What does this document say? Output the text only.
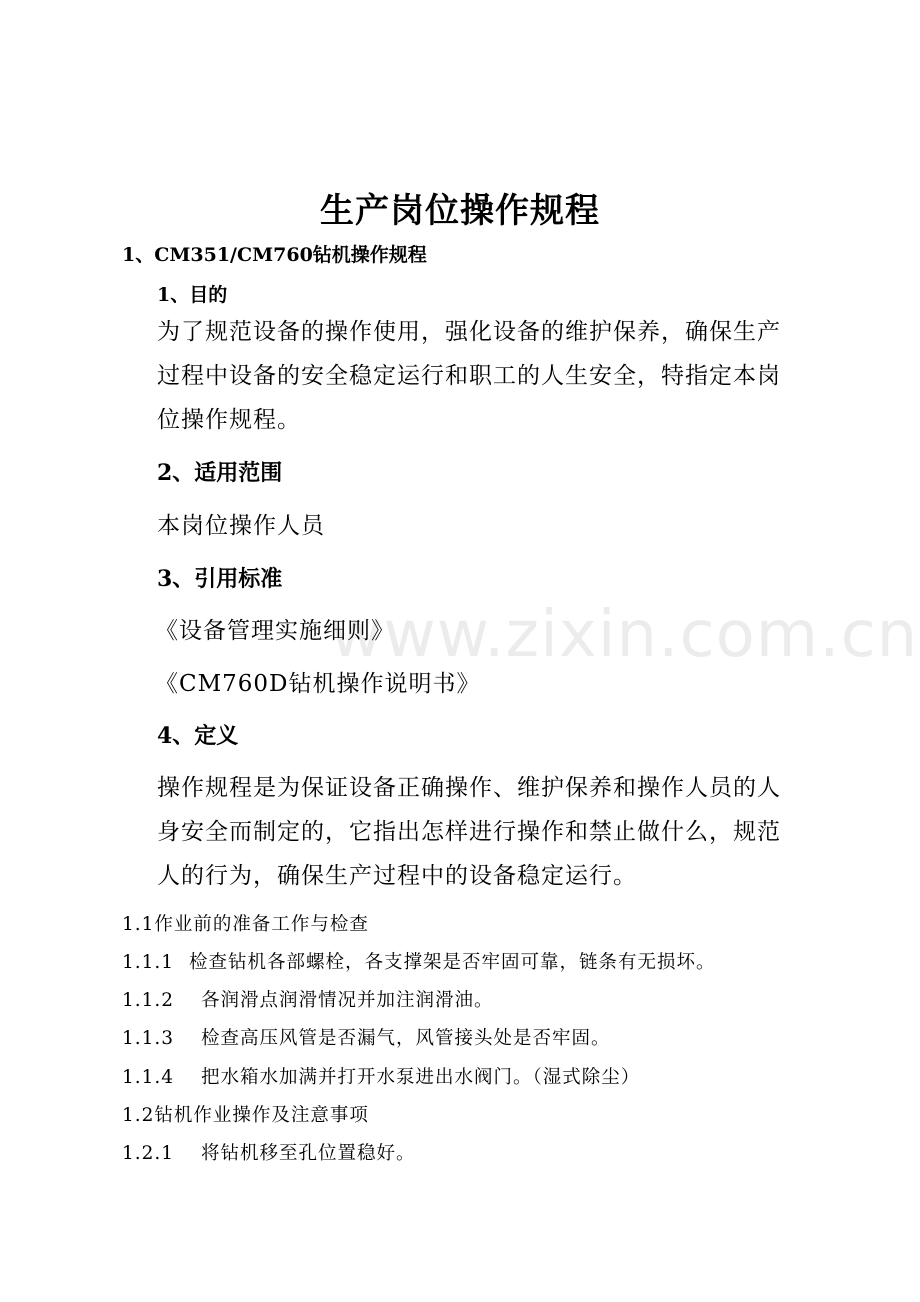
www.zixin.com.cn
生产岗位操作规程
1、CM351/CM760钻机操作规程
1、目的
为了规范设备的操作使用，强化设备的维护保养，确保生产
过程中设备的安全稳定运行和职工的人生安全，特指定本岗
位操作规程。
2、适用范围
本岗位操作人员
3、引用标准
《设备管理实施细则》
《CM760D钻机操作说明书》
4、定义
操作规程是为保证设备正确操作、维护保养和操作人员的人
身安全而制定的，它指出怎样进行操作和禁止做什么，规范
人的行为，确保生产过程中的设备稳定运行。
1.1作业前的准备工作与检查
1.1.1 检查钻机各部螺栓，各支撑架是否牢固可靠，链条有无损坏。
1.1.2 各润滑点润滑情况并加注润滑油。
1.1.3 检查高压风管是否漏气，风管接头处是否牢固。
1.1.4 把水箱水加满并打开水泵进出水阀门。（湿式除尘）
1.2钻机作业操作及注意事项
1.2.1 将钻机移至孔位置稳好。
